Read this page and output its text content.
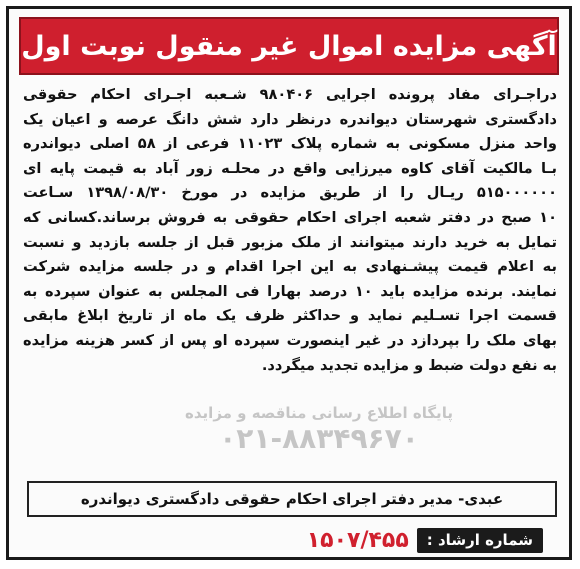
آگهی مزایده اموال غیر منقول نوبت اول
دراجـرای مفاد پرونده اجرایی ۹۸۰۴۰۶ شـعبه اجـرای احکام حقوقی
دادگستری شهرستان دیواندره درنظر دارد شش دانگ عرصه و اعیان یک
واحد منزل مسکونی به شماره پلاک ۱۱۰۲۳ فرعی از ۵۸ اصلی دیواندره
بـا مالکیت آقای کاوه میرزایی واقع در محلـه زور آباد به قیمت پایه ای
۵۱۵۰۰۰۰۰۰ ریـال را از طریق مزایده در مورخ ۱۳۹۸/۰۸/۳۰ سـاعت
۱۰ صبح در دفتر شعبه اجرای احکام حقوقی به فروش برساند.کسانی که
تمایل به خرید دارند میتوانند از ملک مزبور قبل از جلسه بازدید و نسبت
به اعلام قیمت پیشـنهادی به این اجرا اقدام و در جلسه مزایده شرکت
نمایند. برنده مزایده باید ۱۰ درصد بهارا فی المجلس به عنوان سپرده به
قسمت اجرا تسـلیم نماید و حداکثر ظرف یک ماه از تاریخ ابلاغ مابقی
بهای ملک را بپردازد در غیر اینصورت سپرده او پس از کسر هزینه مزایده
به نفع دولت ضبط و مزایده تجدید میگردد.
پایگاه اطلاع رسانی مناقصه و مزایده
۰۲۱-۸۸۳۴۹۶۷۰
عبدی- مدیر دفتر اجرای احکام حقوقی دادگستری دیواندره
شماره ارشاد :
۱۵۰۷/۴۵۵
